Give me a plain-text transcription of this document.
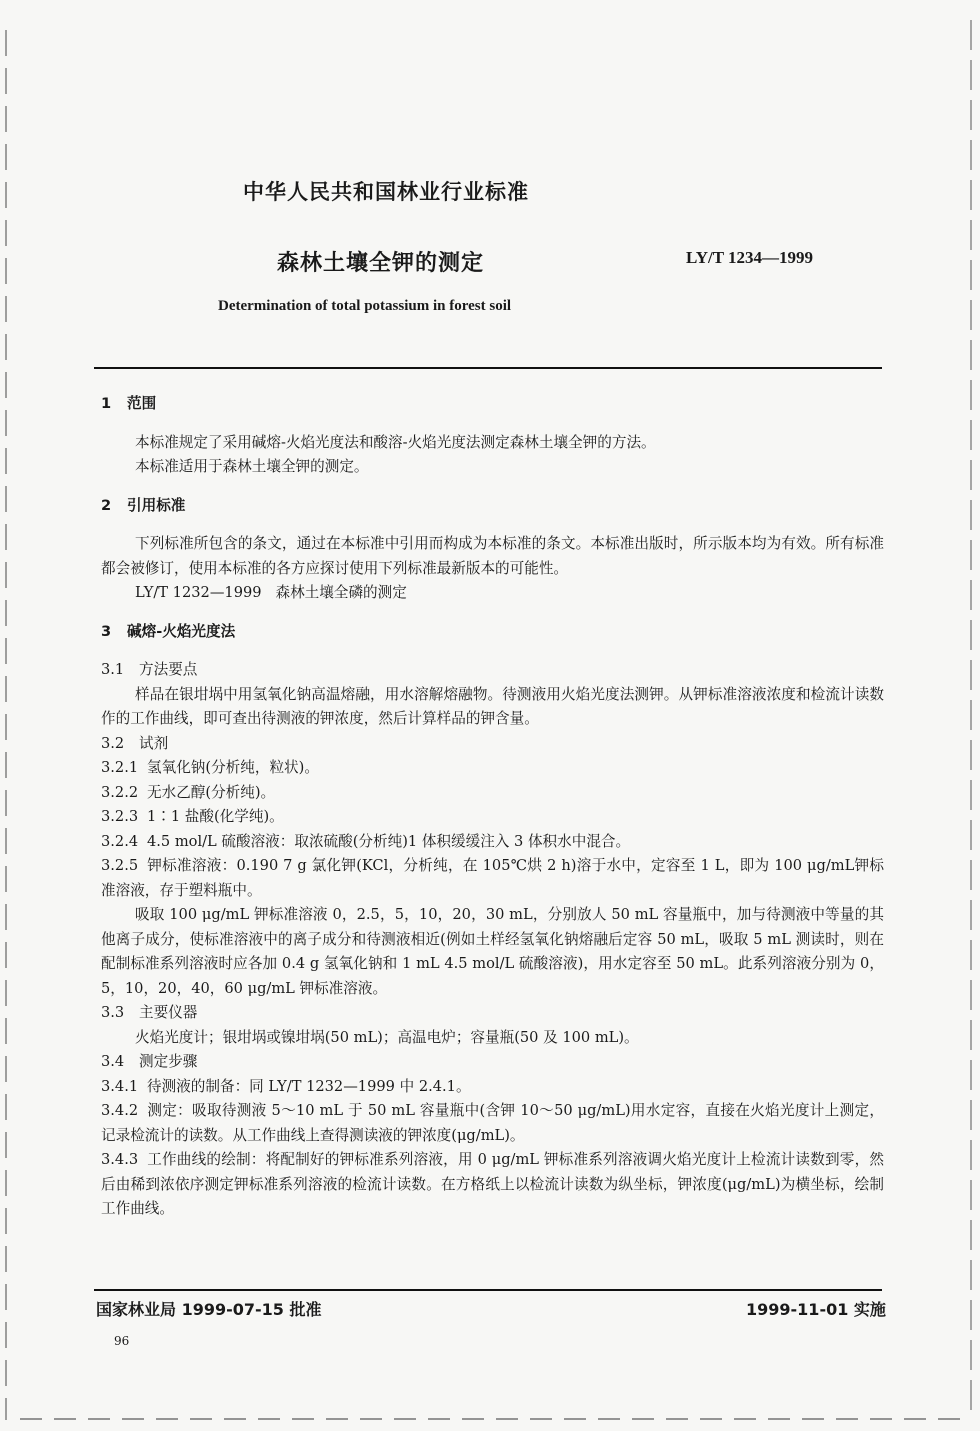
中华人民共和国林业行业标准
森林土壤全钾的测定	LY/T 1234—1999
Determination of total potassium in forest soil

1 范围

本标准规定了采用碱熔-火焰光度法和酸溶-火焰光度法测定森林土壤全钾的方法。

本标准适用于森林土壤全钾的测定。

2 引用标准

下列标准所包含的条文，通过在本标准中引用而构成为本标准的条文。本标准出版时，所示版本均为有效。所有标准都会被修订，使用本标准的各方应探讨使用下列标准最新版本的可能性。

LY/T 1232—1999 森林土壤全磷的测定

3 碱熔-火焰光度法

3.1 方法要点

样品在银坩埚中用氢氧化钠高温熔融，用水溶解熔融物。待测液用火焰光度法测钾。从钾标准溶液浓度和检流计读数作的工作曲线，即可查出待测液的钾浓度，然后计算样品的钾含量。

3.2 试剂

3.2.1 氢氧化钠(分析纯，粒状)。

3.2.2 无水乙醇(分析纯)。

3.2.3 1∶1 盐酸(化学纯)。

3.2.4 4.5 mol/L 硫酸溶液：取浓硫酸(分析纯)1 体积缓缓注入 3 体积水中混合。

3.2.5 钾标准溶液：0.190 7 g 氯化钾(KCl，分析纯，在 105℃烘 2 h)溶于水中，定容至 1 L，即为 100 μg/mL钾标准溶液，存于塑料瓶中。

吸取 100 μg/mL 钾标准溶液 0，2.5，5，10，20，30 mL，分别放人 50 mL 容量瓶中，加与待测液中等量的其他离子成分，使标准溶液中的离子成分和待测液相近(例如土样经氢氧化钠熔融后定容 50 mL，吸取 5 mL 测读时，则在配制标准系列溶液时应各加 0.4 g 氢氧化钠和 1 mL 4.5 mol/L 硫酸溶液)，用水定容至 50 mL。此系列溶液分别为 0，5，10，20，40，60 μg/mL 钾标准溶液。

3.3 主要仪器

火焰光度计；银坩埚或镍坩埚(50 mL)；高温电炉；容量瓶(50 及 100 mL)。

3.4 测定步骤

3.4.1 待测液的制备：同 LY/T 1232—1999 中 2.4.1。

3.4.2 测定：吸取待测液 5～10 mL 于 50 mL 容量瓶中(含钾 10～50 μg/mL)用水定容，直接在火焰光度计上测定，记录检流计的读数。从工作曲线上查得测读液的钾浓度(μg/mL)。

3.4.3 工作曲线的绘制：将配制好的钾标准系列溶液，用 0 μg/mL 钾标准系列溶液调火焰光度计上检流计读数到零，然后由稀到浓依序测定钾标准系列溶液的检流计读数。在方格纸上以检流计读数为纵坐标，钾浓度(μg/mL)为横坐标，绘制工作曲线。

国家林业局 1999-07-15 批准	1999-11-01 实施
96
